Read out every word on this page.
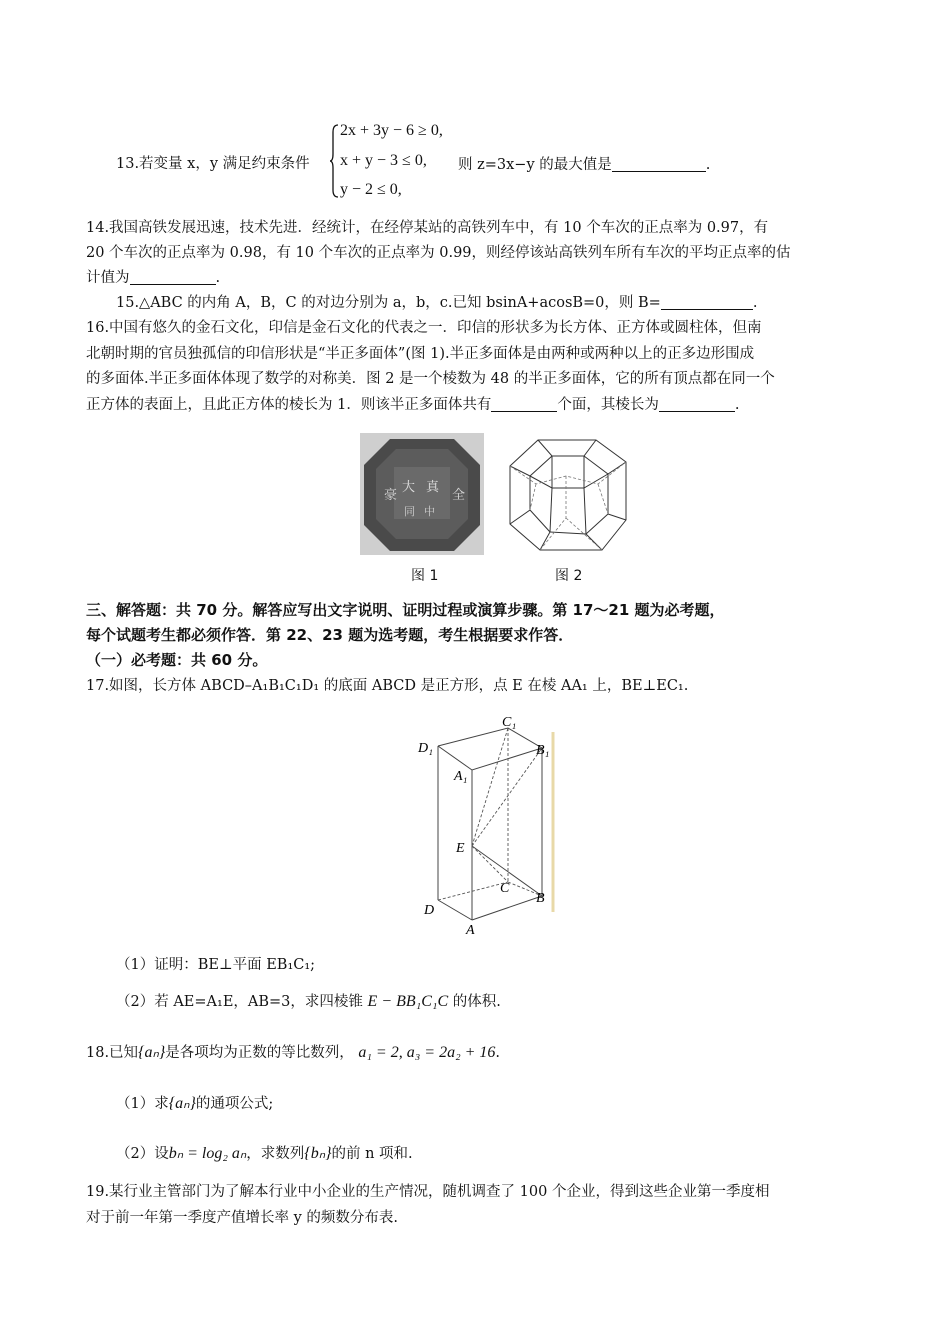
13.若变量 x，y 满足约束条件
2x + 3y − 6 ≥ 0,
x + y − 3 ≤ 0,
y − 2 ≤ 0,
则 z=3x−y 的最大值是	.
14.我国高铁发展迅速，技术先进．经统计，在经停某站的高铁列车中，有 10 个车次的正点率为 0.97，有
20 个车次的正点率为 0.98，有 10 个车次的正点率为 0.99，则经停该站高铁列车所有车次的平均正点率的估
计值为	.
15.△ABC 的内角 A，B，C 的对边分别为 a，b，c.已知 bsinA+acosB=0，则 B=	.
16.中国有悠久的金石文化，印信是金石文化的代表之一．印信的形状多为长方体、正方体或圆柱体，但南
北朝时期的官员独孤信的印信形状是“半正多面体”(图 1).半正多面体是由两种或两种以上的正多边形围成
的多面体.半正多面体体现了数学的对称美．图 2 是一个棱数为 48 的半正多面体，它的所有顶点都在同一个
正方体的表面上，且此正方体的棱长为 1．则该半正多面体共有	个面，其棱长为	.
豪
大 真
全
同 中
图 1	图 2
三、解答题：共 70 分。解答应写出文字说明、证明过程或演算步骤。第 17～21 题为必考题，
每个试题考生都必须作答．第 22、23 题为选考题，考生根据要求作答．
（一）必考题：共 60 分。
17.如图，长方体 ABCD–A₁B₁C₁D₁ 的底面 ABCD 是正方形，点 E 在棱 AA₁ 上，BE⊥EC₁.
C₁
D₁	B₁
A₁
E
C
B
D
A
（1）证明：BE⊥平面 EB₁C₁;
（2）若 AE=A₁E，AB=3，求四棱锥 E − BB₁C₁C 的体积.
18.已知{aₙ}是各项均为正数的等比数列， a₁ = 2, a₃ = 2a₂ + 16.
（1）求{aₙ}的通项公式;
（2）设bₙ = log₂ aₙ，求数列{bₙ}的前 n 项和.
19.某行业主管部门为了解本行业中小企业的生产情况，随机调查了 100 个企业，得到这些企业第一季度相
对于前一年第一季度产值增长率 y 的频数分布表.
